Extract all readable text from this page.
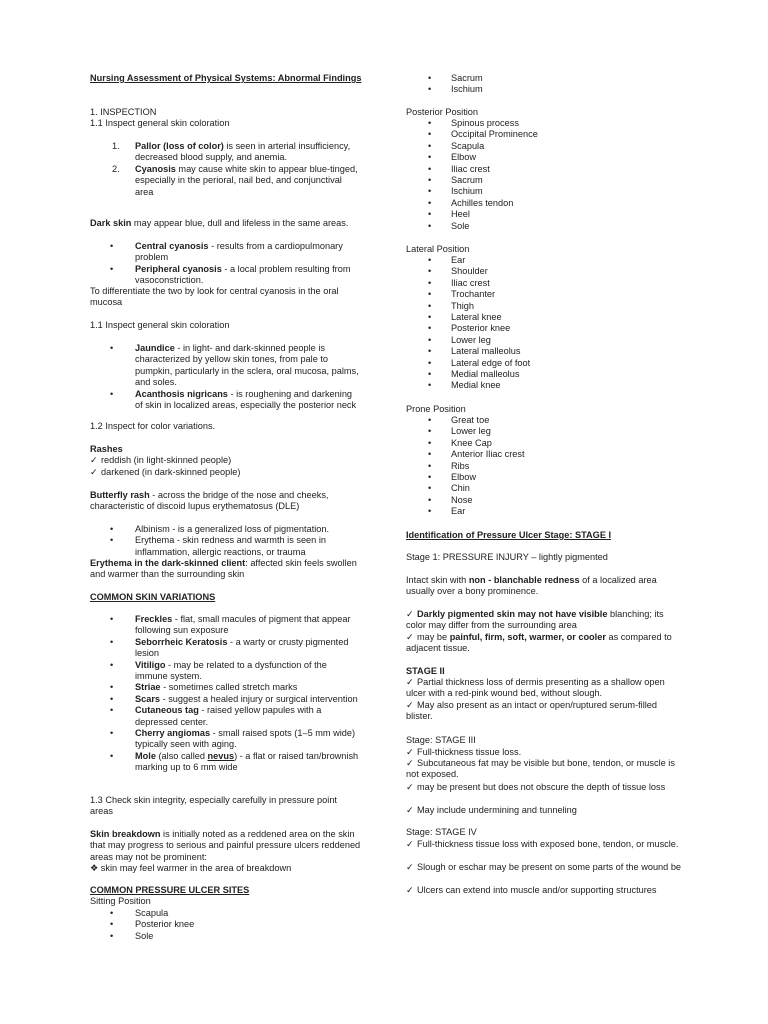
Nursing Assessment of Physical Systems: Abnormal Findings
1. INSPECTION
1.1 Inspect general skin coloration
1. Pallor (loss of color) is seen in arterial insufficiency, decreased blood supply, and anemia.
2. Cyanosis may cause white skin to appear blue-tinged, especially in the perioral, nail bed, and conjunctival area
Dark skin may appear blue, dull and lifeless in the same areas.
• Central cyanosis - results from a cardiopulmonary problem
• Peripheral cyanosis - a local problem resulting from vasoconstriction.
To differentiate the two by look for central cyanosis in the oral mucosa
1.1 Inspect general skin coloration
• Jaundice - in light- and dark-skinned people is characterized by yellow skin tones, from pale to pumpkin, particularly in the sclera, oral mucosa, palms, and soles.
• Acanthosis nigricans - is roughening and darkening of skin in localized areas, especially the posterior neck
1.2 Inspect for color variations.
Rashes
✓ reddish (in light-skinned people)
✓ darkened (in dark-skinned people)
Butterfly rash - across the bridge of the nose and cheeks, characteristic of discoid lupus erythematosus (DLE)
• Albinism - is a generalized loss of pigmentation.
• Erythema - skin redness and warmth is seen in inflammation, allergic reactions, or trauma
Erythema in the dark-skinned client: affected skin feels swollen and warmer than the surrounding skin
COMMON SKIN VARIATIONS
• Freckles - flat, small macules of pigment that appear following sun exposure
• Seborrheic Keratosis - a warty or crusty pigmented lesion
• Vitiligo - may be related to a dysfunction of the immune system.
• Striae - sometimes called stretch marks
• Scars - suggest a healed injury or surgical intervention
• Cutaneous tag - raised yellow papules with a depressed center.
• Cherry angiomas - small raised spots (1–5 mm wide) typically seen with aging.
• Mole (also called nevus) - a flat or raised tan/brownish marking up to 6 mm wide
1.3 Check skin integrity, especially carefully in pressure point areas
Skin breakdown is initially noted as a reddened area on the skin that may progress to serious and painful pressure ulcers reddened areas may not be prominent:
❖ skin may feel warmer in the area of breakdown
COMMON PRESSURE ULCER SITES
Sitting Position
• Scapula
• Posterior knee
• Sole
• Sacrum
• Ischium
Posterior Position
• Spinous process
• Occipital Prominence
• Scapula
• Elbow
• Iliac crest
• Sacrum
• Ischium
• Achilles tendon
• Heel
• Sole
Lateral Position
• Ear
• Shoulder
• Iliac crest
• Trochanter
• Thigh
• Lateral knee
• Posterior knee
• Lower leg
• Lateral malleolus
• Lateral edge of foot
• Medial malleolus
• Medial knee
Prone Position
• Great toe
• Lower leg
• Knee Cap
• Anterior Iliac crest
• Ribs
• Elbow
• Chin
• Nose
• Ear
Identification of Pressure Ulcer Stage: STAGE I
Stage 1: PRESSURE INJURY – lightly pigmented
Intact skin with non - blanchable redness of a localized area usually over a bony prominence.
✓ Darkly pigmented skin may not have visible blanching; its color may differ from the surrounding area
✓ may be painful, firm, soft, warmer, or cooler as compared to adjacent tissue.
STAGE II
✓ Partial thickness loss of dermis presenting as a shallow open ulcer with a red-pink wound bed, without slough.
✓ May also present as an intact or open/ruptured serum-filled blister.
Stage: STAGE III
✓ Full-thickness tissue loss.
✓ Subcutaneous fat may be visible but bone, tendon, or muscle is not exposed.
✓ may be present but does not obscure the depth of tissue loss
✓ May include undermining and tunneling
Stage: STAGE IV
✓ Full-thickness tissue loss with exposed bone, tendon, or muscle.
✓ Slough or eschar may be present on some parts of the wound be
✓ Ulcers can extend into muscle and/or supporting structures
